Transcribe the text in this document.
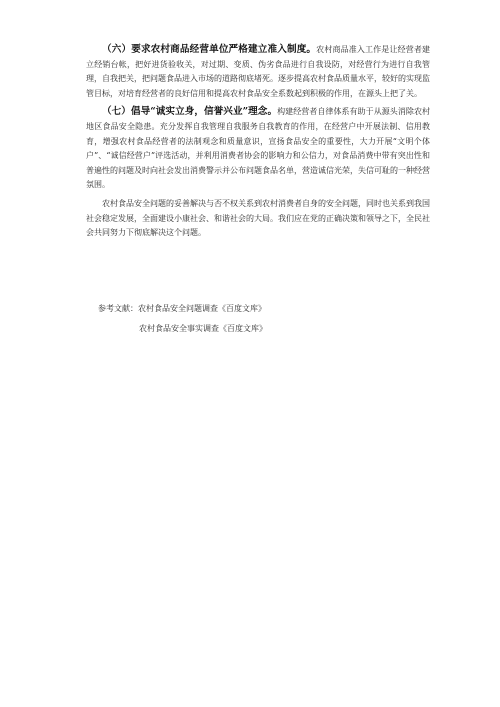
（六）要求农村商品经营单位严格建立准入制度。农村商品准入工作是让经营者建立经销台帐，把好进货验收关，对过期、变质、伪劣食品进行自我设防，对经营行为进行自我管理，自我把关，把问题食品进入市场的道路彻底堵死。逐步提高农村食品质量水平，较好的实现监管目标，对培育经营者的良好信用和提高农村食品安全系数起到积极的作用，在源头上把了关。

（七）倡导“诚实立身，信誉兴业”理念。构建经营者自律体系有助于从源头消除农村地区食品安全隐患。充分发挥自我管理自我服务自我教育的作用，在经营户中开展法制、信用教育，增强农村食品经营者的法制观念和质量意识，宣扬食品安全的重要性，大力开展“文明个体户”、“诚信经营户”评选活动，并利用消费者协会的影响力和公信力，对食品消费中带有突出性和普遍性的问题及时向社会发出消费警示并公布问题食品名单，营造诚信光荣，失信可耻的一种经营氛围。

农村食品安全问题的妥善解决与否不权关系到农村消费者自身的安全问题，同时也关系到我国社会稳定发展，全面建设小康社会、和谐社会的大局。我们应在党的正确决策和领导之下，全民社会共同努力下彻底解决这个问题。

参考文献：农村食品安全问题调查《百度文库》
农村食品安全事实调查《百度文库》
